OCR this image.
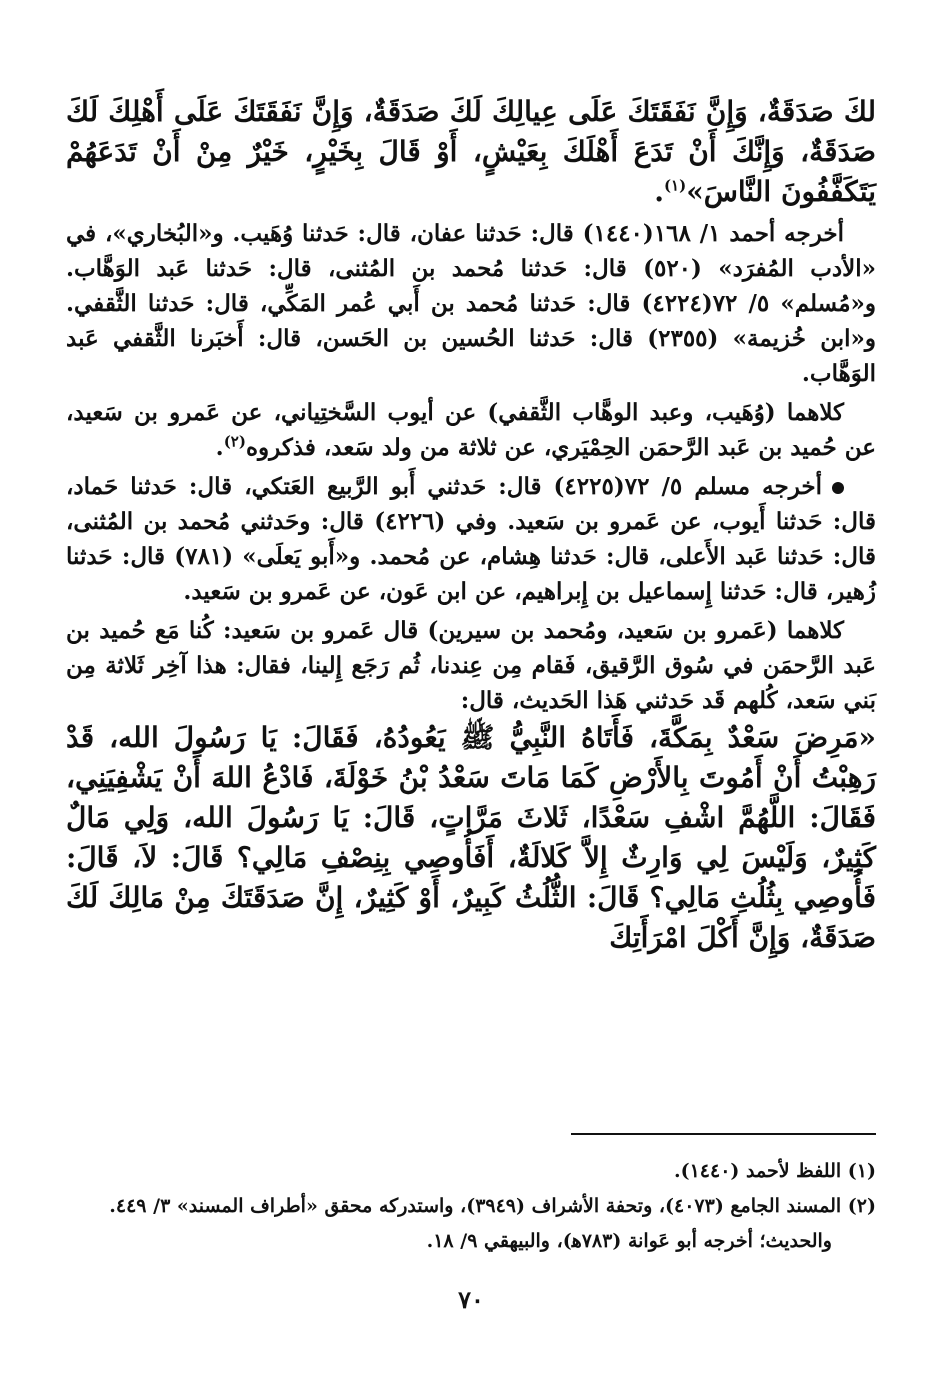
لكَ صَدَقَةٌ، وَإِنَّ نَفَقَتَكَ عَلَى عِيالِكَ لَكَ صَدَقَةٌ، وَإِنَّ نَفَقَتَكَ عَلَى أَهْلِكَ لَكَ صَدَقَةٌ، وَإِنَّكَ أَنْ تَدَعَ أَهْلَكَ بِعَيْشٍ، أَوْ قَالَ بِخَيْرٍ، خَيْرٌ مِنْ أَنْ تَدَعَهُمْ يَتَكَفَّفُونَ النَّاسَ»$^{(١)}$.

أخرجه أحمد ١/ ١٦٨(١٤٤٠) قال: حَدثنا عفان، قال: حَدثنا وُهَيب. و«البُخاري»، في «الأدب المُفرَد» (٥٢٠) قال: حَدثنا مُحمد بن المُثنى، قال: حَدثنا عَبد الوَهَّاب. و«مُسلم» ٥/ ٧٢(٤٢٢٤) قال: حَدثنا مُحمد بن أَبي عُمر المَكِّي، قال: حَدثنا الثَّقفي. و«ابن خُزيمة» (٢٣٥٥) قال: حَدثنا الحُسين بن الحَسن، قال: أَخبَرنا الثَّقفي عَبد الوَهَّاب.

كلاهما (وُهَيب، وعبد الوهَّاب الثَّقفي) عن أيوب السَّختِياني، عن عَمرو بن سَعيد، عن حُميد بن عَبد الرَّحمَن الحِمْيَري، عن ثلاثة من ولد سَعد، فذكروه$^{(٢)}$.

أخرجه مسلم ٥/ ٧٢(٤٢٢٥) قال: حَدثني أَبو الرَّبيع العَتكي، قال: حَدثنا حَماد، قال: حَدثنا أَيوب، عن عَمرو بن سَعيد. وفي (٤٢٢٦) قال: وحَدثني مُحمد بن المُثنى، قال: حَدثنا عَبد الأَعلى، قال: حَدثنا هِشام، عن مُحمد. و«أَبو يَعلَى» (٧٨١) قال: حَدثنا زُهير، قال: حَدثنا إِسماعيل بن إِبراهيم، عن ابن عَون، عن عَمرو بن سَعيد.

كلاهما (عَمرو بن سَعيد، ومُحمد بن سيرين) قال عَمرو بن سَعيد: كُنا مَع حُميد بن عَبد الرَّحمَن في سُوق الرَّقيق، فَقام مِن عِندنا، ثُم رَجَع إِلينا، فقال: هذا آخِر ثَلاثة مِن بَني سَعد، كُلهم قَد حَدثني هَذا الحَديث، قال:

«مَرِضَ سَعْدٌ بِمَكَّةَ، فَأَتَاهُ النَّبِيُّ ﷺ يَعُودُهُ، فَقَالَ: يَا رَسُولَ الله، قَدْ رَهِبْتُ أَنْ أَمُوتَ بِالأَرْضِ كَمَا مَاتَ سَعْدُ بْنُ خَوْلَةَ، فَادْعُ اللهَ أَنْ يَشْفِيَنِي، فَقَالَ: اللَّهُمَّ اشْفِ سَعْدًا، ثَلاثَ مَرَّاتٍ، قَالَ: يَا رَسُولَ الله، وَلِي مَالٌ كَثِيرٌ، وَلَيْسَ لِي وَارِثٌ إِلاَّ كَلالَةٌ، أَفَأُوصِي بِنِصْفِ مَالِي؟ قَالَ: لاَ، قَالَ: فَأُوصِي بِثُلُثِ مَالِي؟ قَالَ: الثُّلُثُ كَبِيرٌ، أَوْ كَثِيرٌ، إِنَّ صَدَقَتَكَ مِنْ مَالِكَ لَكَ صَدَقَةٌ، وَإِنَّ أَكْلَ امْرَأَتِكَ

(١) اللفظ لأحمد (١٤٤٠).

(٢) المسند الجامع (٤٠٧٣)، وتحفة الأشراف (٣٩٤٩)، واستدركه محقق «أطراف المسند» ٣/ ٤٤٩.

والحديث؛ أخرجه أبو عَوانة (٧٨٣ﻫ)، والبيهقي ٩/ ١٨.

٧٠
